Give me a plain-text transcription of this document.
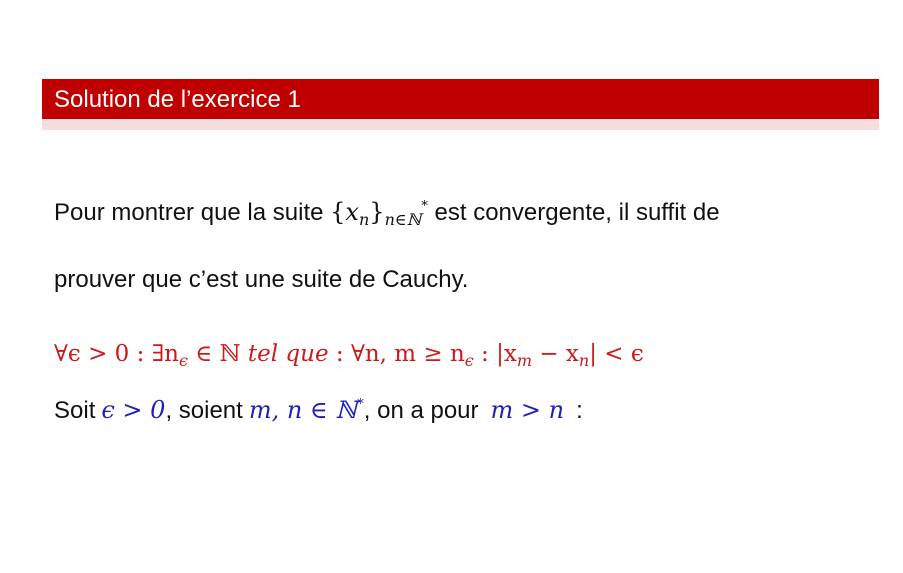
Solution de l’exercice 1
Pour montrer que la suite $\{x_n\}_{n\in ℕ}^*$ est convergente, il suffit de
prouver que c’est une suite de Cauchy.
∀ϵ > 0 : $\exists n_\epsilon$ ∈ ℕ tel que : ∀n, $m \ge n_\epsilon$ : $|x_m - x_n| < \epsilon$
Soit ϵ > 0, soient m, n ∈ ℕ*, on a pour m > n :
